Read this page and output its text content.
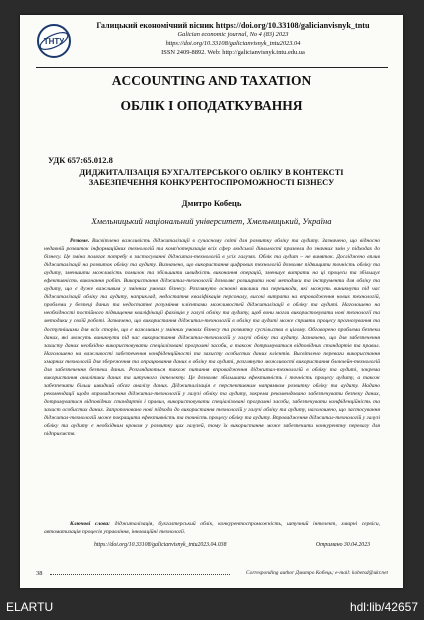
ТНТУ
Галицький економічний вісник https://doi.org/10.33108/galicianvisnyk_tntu
Galician economic journal, No 4 (83) 2023
https://doi.org/10.33108/galicianvisnyk_tntu2023.04
ISSN 2409-8892. Web: http://galicianvisnyk.tntu.edu.ua
ACCOUNTING AND TAXATION
ОБЛІК І ОПОДАТКУВАННЯ
УДК 657:65.012.8
ДИДЖИТАЛІЗАЦІЯ БУХГАЛТЕРСЬКОГО ОБЛІКУ В КОНТЕКСТІ ЗАБЕЗПЕЧЕННЯ КОНКУРЕНТОСПРОМОЖНОСТІ БІЗНЕСУ
Дмитро Кобець
Хмельницький національний університет, Хмельницький, Україна
Резюме. Висвітлено важливість діджиталізації в сучасному світі для розвитку обліку та аудиту. Зазначено, що відносно недавній розвиток інформаційних технологій та комп'ютеризація всіх сфер людської діяльності призвели до значних змін у підходах до бізнесу. Це зміна полягає потребу в застосуванні діджитал-технологій в усіх галузях. Облік та аудит – не виняток. Досліджено вплив діджиталізації на розвиток обліку та аудиту. Визначено, що використання цифрових технологій дозволяє підвищити точність обліку та аудиту, зменшити можливість помилок та збільшити швидкість виконання операцій, зменшує витрати на ці процеси та збільшує ефективність виконання робіт. Використання діджитал-технологій дозволяє розширити нові методики та інструменти для обліку та аудиту, що є дуже важливим у змінних умовах бізнесу. Розглянуто основні виклики та перешкоди, які можуть виникнути під час діджиталізації обліку та аудиту, наприклад, недостатня кваліфікація персоналу, високі витрати на впровадження нових технологій, проблеми у безпеці даних та недостатнє розуміння клієнтами можливостей діджиталізації в обліку та аудиті. Наголошено на необхідності постійного підвищення кваліфікації фахівців у галузі обліку та аудиту, щоб вони могли використовувати нові технології та методики у своїй роботі. Зазначено, що використання діджитал-технологій в обліку та аудиті може сприяти процесу прогнозування та доступнішими для всіх сторін, що є важливим у змінних умовах бізнесу та розвитку суспільства в цілому. Обговорено проблеми безпеки даних, які можуть виникнути під час використання діджитал-технологій у галузі обліку та аудиту. Зазначено, що для забезпечення захисту даних необхідно використовувати спеціалізовані програмні засоби, а також дотримуватися відповідних стандартів та правил. Наголошено на важливості забезпечення конфіденційності та захисту особистих даних клієнтів. Висвітлено переваги використання хмарних технологій для збереження та опрацювання даних в обліку та аудиті, розглянуто можливості використання блокчейн-технологій для забезпечення безпеки даних. Розглядаються також питання впровадження діджитал-технологій в обліку та аудиті, зокрема використання аналітики даних та штучного інтелекту. Це дозволяє збільшити ефективність і точність процесу аудиту, а також забезпечити більш швидкий обсяг аналізу даних. Діджиталізація є перспективним напрямком розвитку обліку та аудиту. Надано рекомендації щодо впровадження діджитал-технологій у галузі обліку та аудиту, зокрема рекомендовано забезпечувати безпеку даних, дотримуватися відповідних стандартів і правил, використовувати спеціалізовані програмні засоби, забезпечувати конфіденційність та захист особистих даних. Запропоновано нові підходи до використання технологій у галузі обліку та аудиту, наголошено, що застосування діджитал-технологій може покращити ефективність та точність процесу обліку та аудиту. Впровадження діджитал-технологій у галузі обліку та аудиту є необхідним кроком у розвитку цих галузей, тому їх використання може забезпечити конкурентну перевагу для підприємств.
Ключові слова: діджиталізація, бухгалтерський облік, конкурентоспроможність, штучний інтелект, хмарні сервіси, автоматизація процесів управління, інноваційні технології.
https://doi.org/10.33108/galicianvisnyk_tntu2023.04.038	Отримано 30.04.2023
38	Corresponding author Дмитро Кобець; e-mail: kobetsd@ukr.net
ELARTU	hdl:lib/42657
